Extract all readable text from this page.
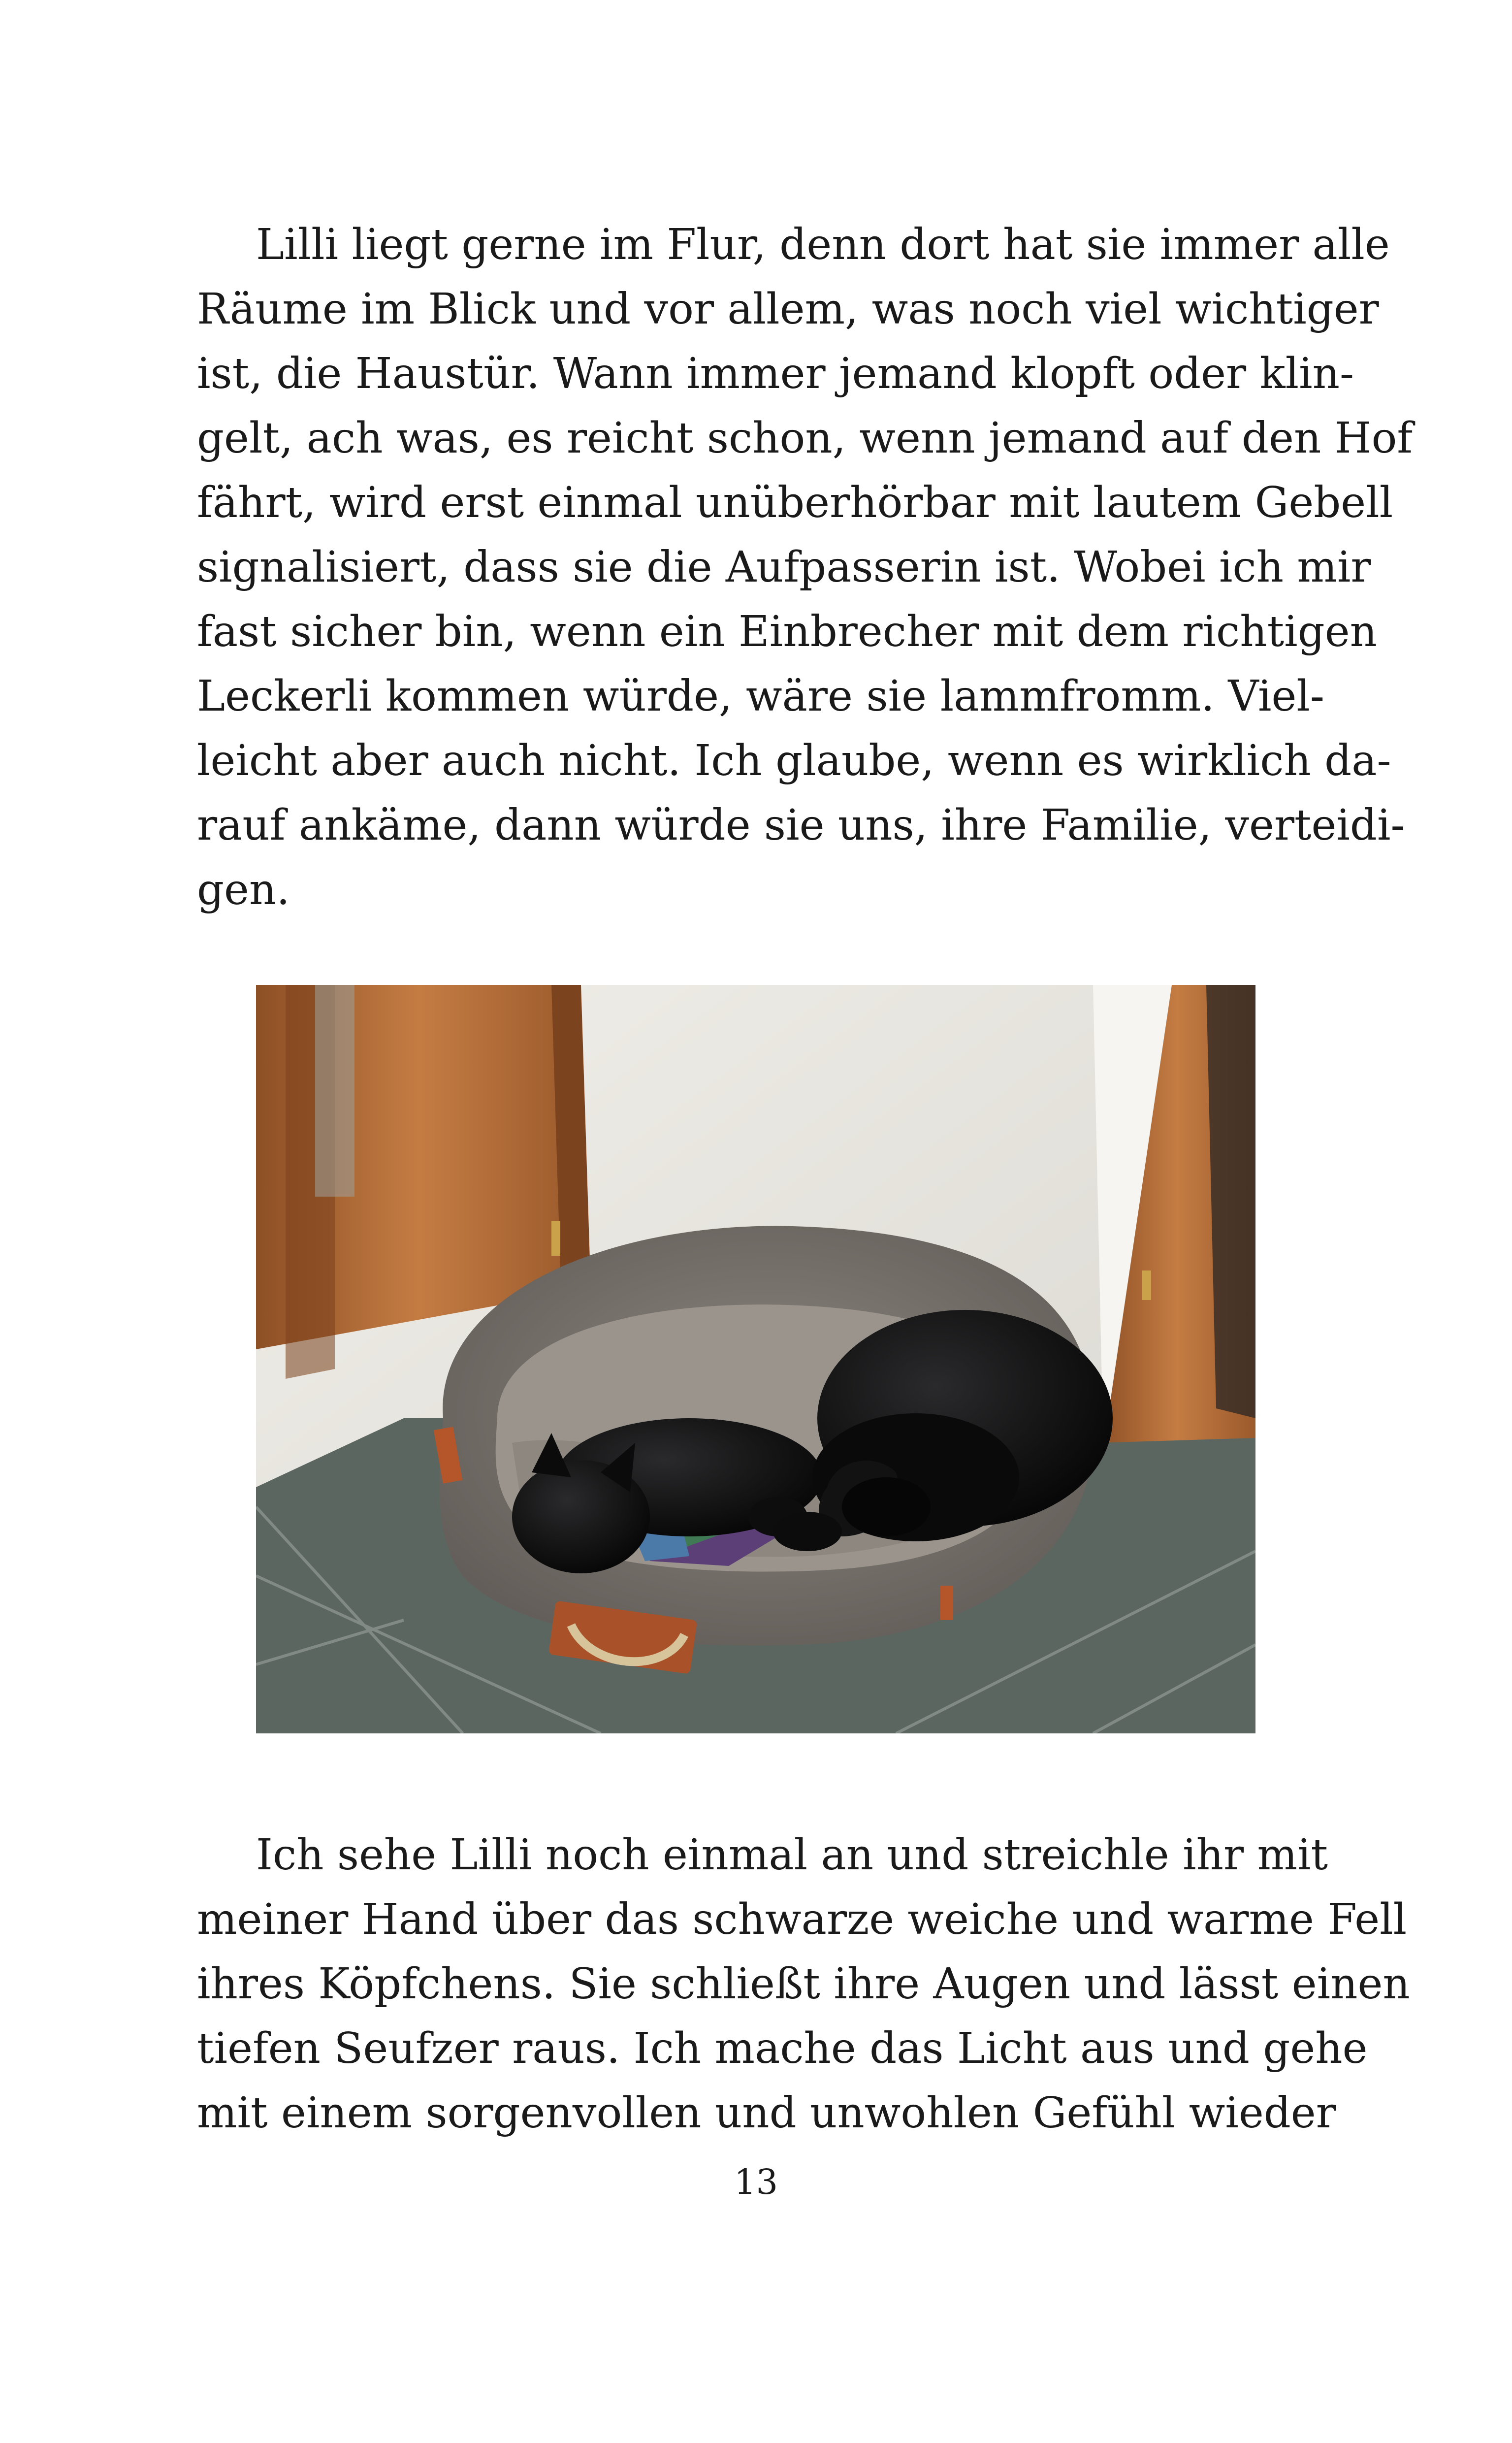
Lilli liegt gerne im Flur, denn dort hat sie immer alle
Räume im Blick und vor allem, was noch viel wichtiger
ist, die Haustür. Wann immer jemand klopft oder klin-
gelt, ach was, es reicht schon, wenn jemand auf den Hof
fährt, wird erst einmal unüberhörbar mit lautem Gebell
signalisiert, dass sie die Aufpasserin ist. Wobei ich mir
fast sicher bin, wenn ein Einbrecher mit dem richtigen
Leckerli kommen würde, wäre sie lammfromm. Viel-
leicht aber auch nicht. Ich glaube, wenn es wirklich da-
rauf ankäme, dann würde sie uns, ihre Familie, verteidi-
gen.
Ich sehe Lilli noch einmal an und streichle ihr mit
meiner Hand über das schwarze weiche und warme Fell
ihres Köpfchens. Sie schließt ihre Augen und lässt einen
tiefen Seufzer raus. Ich mache das Licht aus und gehe
mit einem sorgenvollen und unwohlen Gefühl wieder
13
